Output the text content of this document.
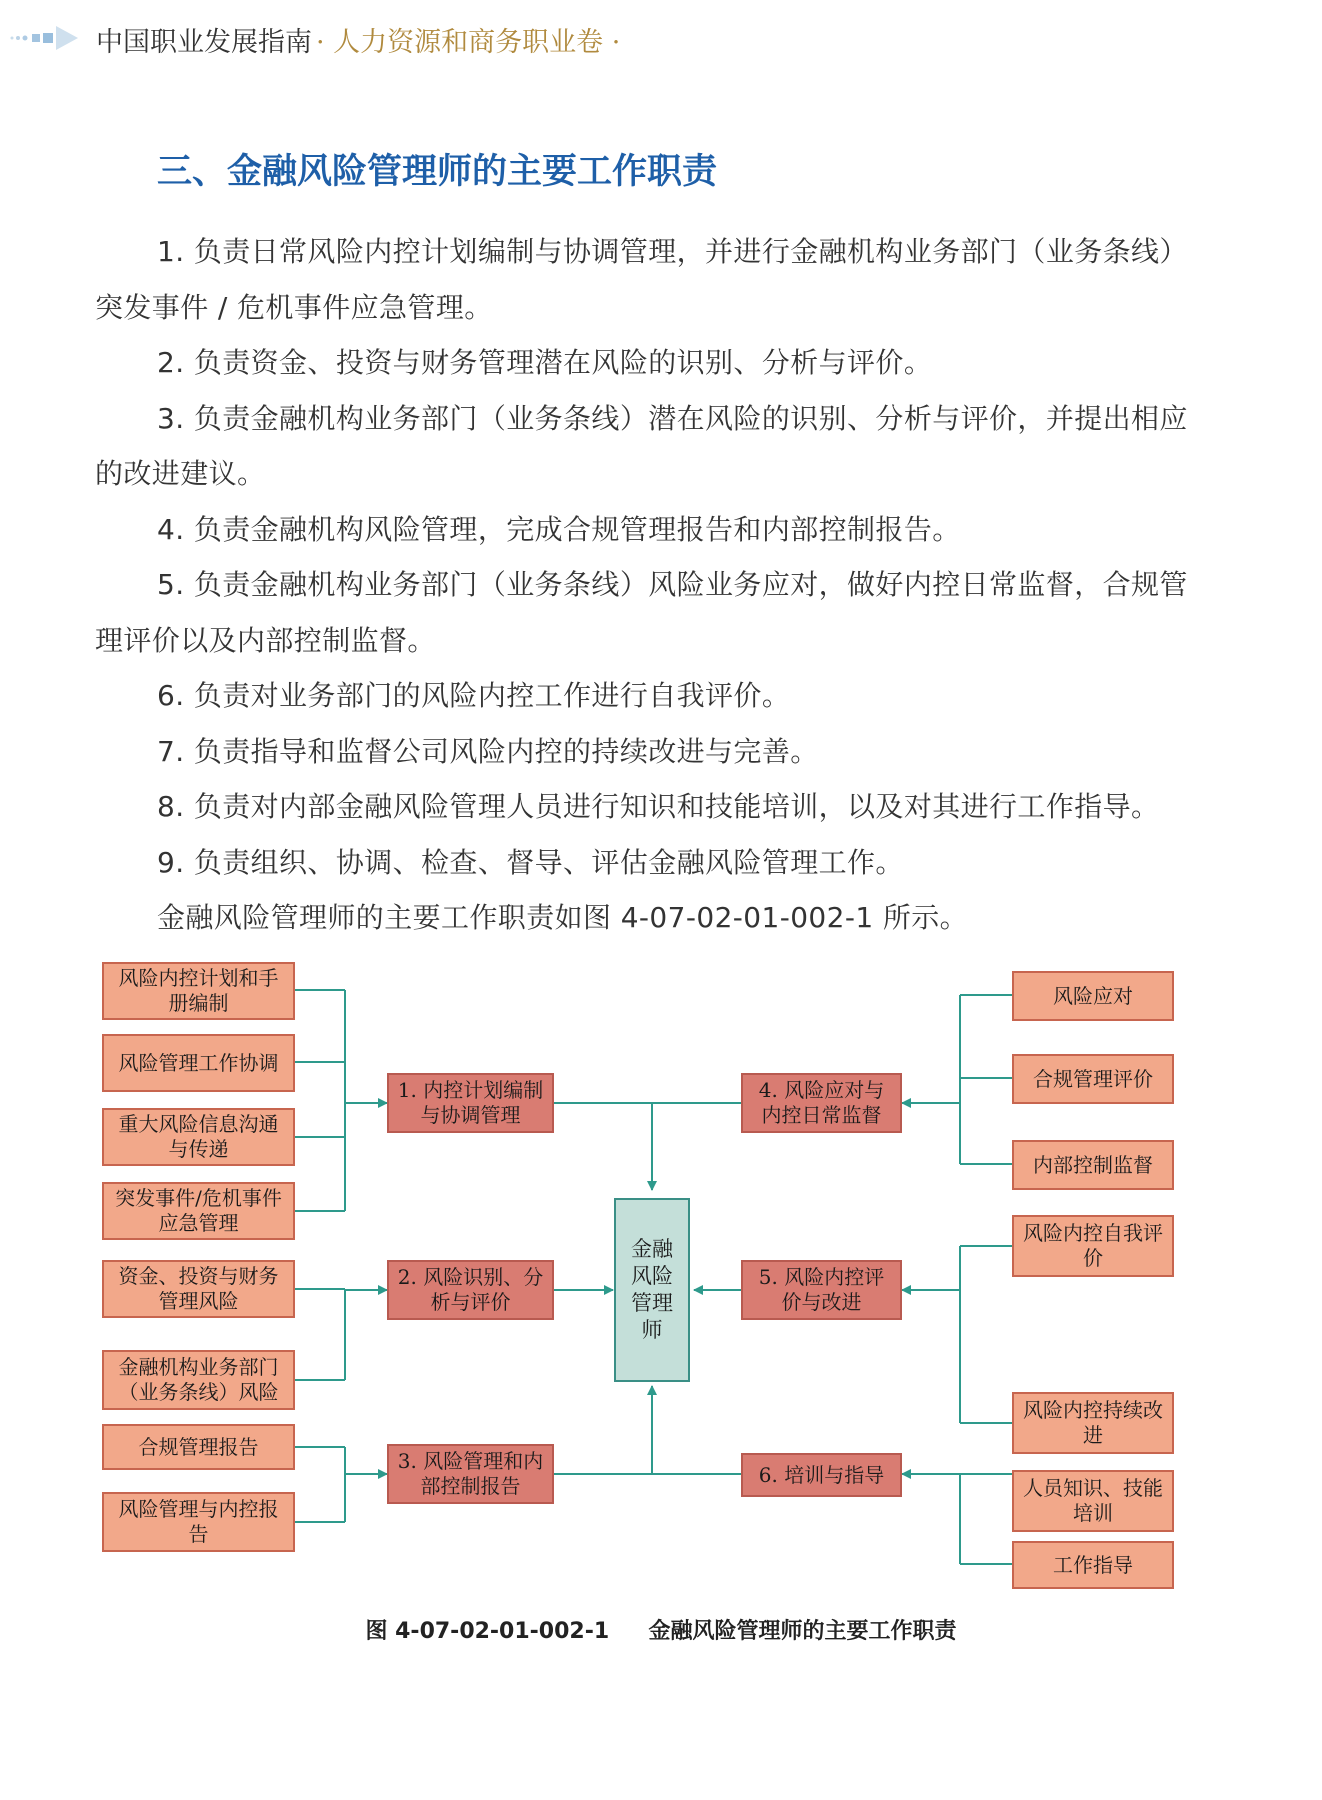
中国职业发展指南 · 人力资源和商务职业卷 ·
三、金融风险管理师的主要工作职责

1. 负责日常风险内控计划编制与协调管理，并进行金融机构业务部门（业务条线）突发事件 / 危机事件应急管理。

2. 负责资金、投资与财务管理潜在风险的识别、分析与评价。

3. 负责金融机构业务部门（业务条线）潜在风险的识别、分析与评价，并提出相应的改进建议。

4. 负责金融机构风险管理，完成合规管理报告和内部控制报告。

5. 负责金融机构业务部门（业务条线）风险业务应对，做好内控日常监督，合规管理评价以及内部控制监督。

6. 负责对业务部门的风险内控工作进行自我评价。

7. 负责指导和监督公司风险内控的持续改进与完善。

8. 负责对内部金融风险管理人员进行知识和技能培训，以及对其进行工作指导。

9. 负责组织、协调、检查、督导、评估金融风险管理工作。

金融风险管理师的主要工作职责如图 4-07-02-01-002-1 所示。

风险内控计划和手册编制
风险管理工作协调
重大风险信息沟通与传递
突发事件/危机事件应急管理
资金、投资与财务管理风险
金融机构业务部门（业务条线）风险
合规管理报告
风险管理与内控报告
1. 内控计划编制与协调管理
2. 风险识别、分析与评价
3. 风险管理和内部控制报告
金融风险管理师
4. 风险应对与内控日常监督
5. 风险内控评价与改进
6. 培训与指导
风险应对
合规管理评价
内部控制监督
风险内控自我评价
风险内控持续改进
人员知识、技能培训
工作指导
图 4-07-02-01-002-1 金融风险管理师的主要工作职责
